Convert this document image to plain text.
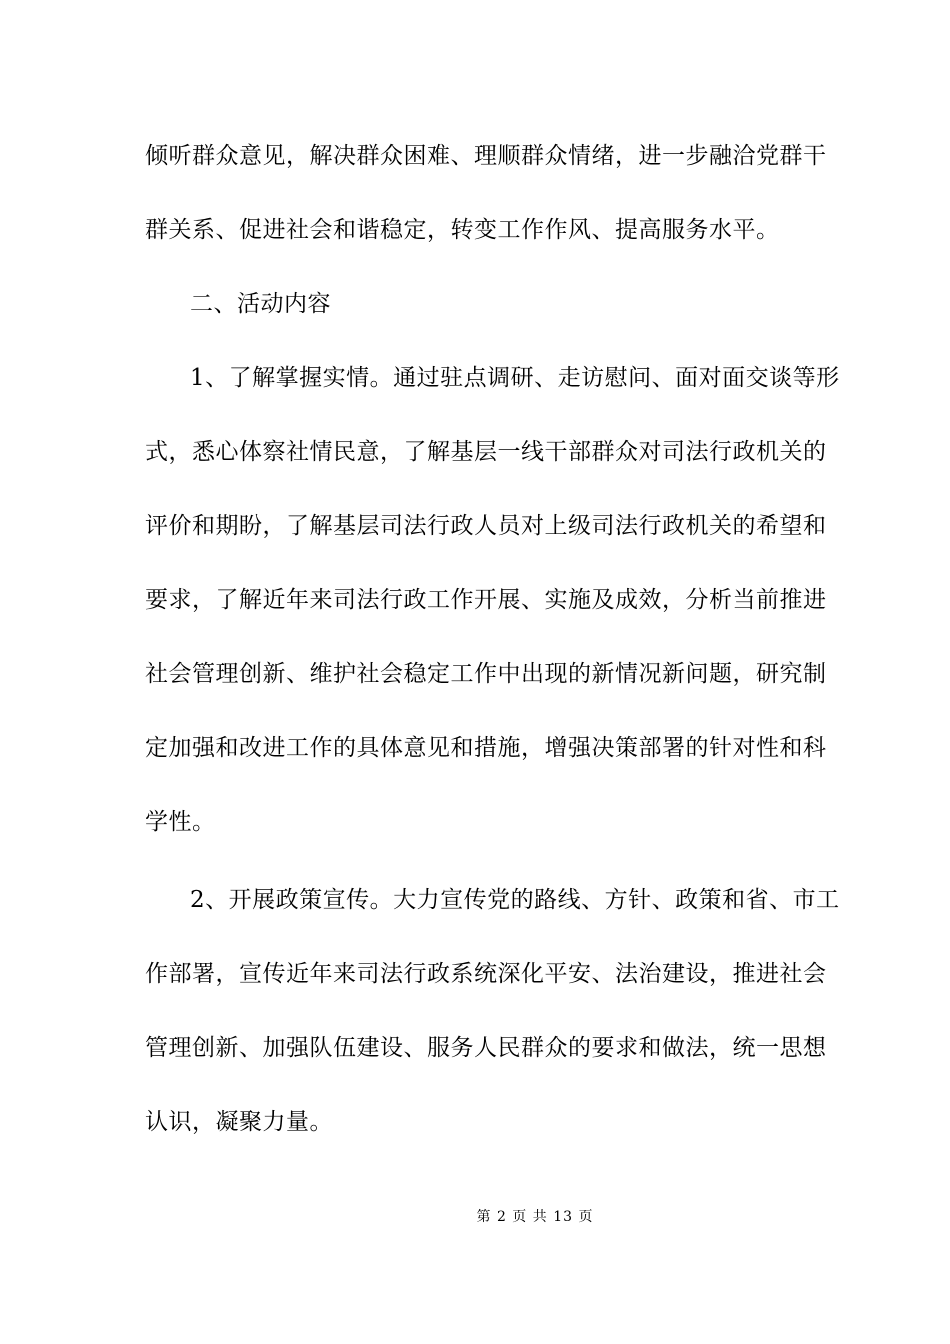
倾听群众意见，解决群众困难、理顺群众情绪，进一步融洽党群干
群关系、促进社会和谐稳定，转变工作作风、提高服务水平。
二、活动内容
1、了解掌握实情。通过驻点调研、走访慰问、面对面交谈等形
式，悉心体察社情民意，了解基层一线干部群众对司法行政机关的
评价和期盼，了解基层司法行政人员对上级司法行政机关的希望和
要求，了解近年来司法行政工作开展、实施及成效，分析当前推进
社会管理创新、维护社会稳定工作中出现的新情况新问题，研究制
定加强和改进工作的具体意见和措施，增强决策部署的针对性和科
学性。
2、开展政策宣传。大力宣传党的路线、方针、政策和省、市工
作部署，宣传近年来司法行政系统深化平安、法治建设，推进社会
管理创新、加强队伍建设、服务人民群众的要求和做法，统一思想
认识，凝聚力量。
第 2 页 共 13 页
